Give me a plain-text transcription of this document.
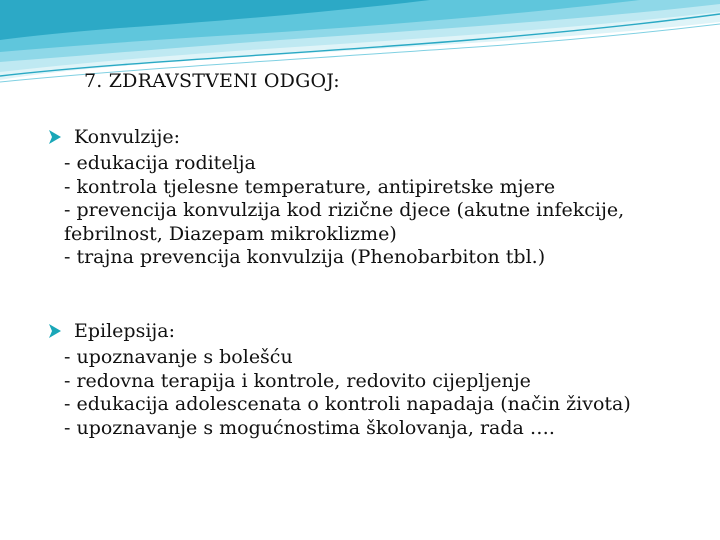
7. ZDRAVSTVENI ODGOJ:
Konvulzije:
- edukacija roditelja
- kontrola tjelesne temperature, antipiretske mjere
- prevencija konvulzija kod rizične djece (akutne infekcije, febrilnost, Diazepam mikroklizme)
- trajna prevencija konvulzija (Phenobarbiton tbl.)
Epilepsija:
- upoznavanje s bolešću
- redovna terapija i kontrole, redovito cijepljenje
- edukacija adolescenata o kontroli napadaja (način života)
- upoznavanje s mogućnostima školovanja, rada ….
